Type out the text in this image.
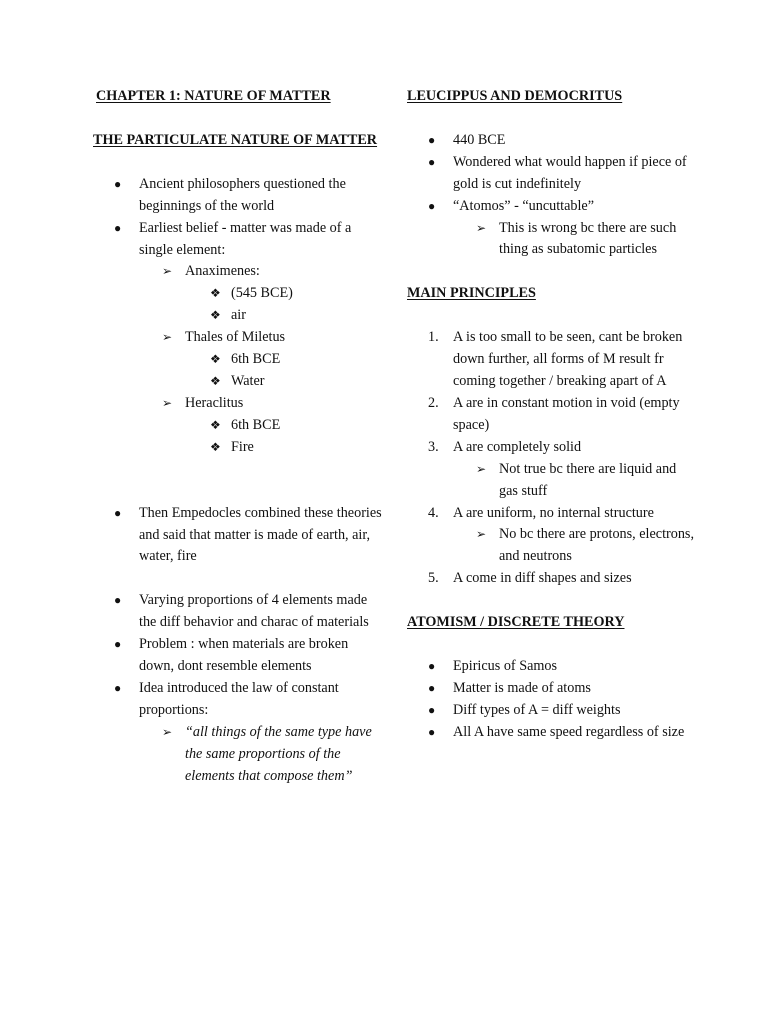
CHAPTER 1: NATURE OF MATTER
THE PARTICULATE NATURE OF MATTER
● Ancient philosophers questioned the beginnings of the world
● Earliest belief - matter was made of a single element:
➢ Anaximenes:
❖ (545 BCE)
❖ air
➢ Thales of Miletus
❖ 6th BCE
❖ Water
➢ Heraclitus
❖ 6th BCE
❖ Fire
● Then Empedocles combined these theories and said that matter is made of earth, air, water, fire
● Varying proportions of 4 elements made the diff behavior and charac of materials
● Problem : when materials are broken down, dont resemble elements
● Idea introduced the law of constant proportions:
➢ “all things of the same type have the same proportions of the elements that compose them”
LEUCIPPUS AND DEMOCRITUS
● 440 BCE
● Wondered what would happen if piece of gold is cut indefinitely
● “Atomos” - “uncuttable”
➢ This is wrong bc there are such thing as subatomic particles
MAIN PRINCIPLES
1. A is too small to be seen, cant be broken down further, all forms of M result fr coming together / breaking apart of A
2. A are in constant motion in void (empty space)
3. A are completely solid
➢ Not true bc there are liquid and gas stuff
4. A are uniform, no internal structure
➢ No bc there are protons, electrons, and neutrons
5. A come in diff shapes and sizes
ATOMISM / DISCRETE THEORY
● Epiricus of Samos
● Matter is made of atoms
● Diff types of A = diff weights
● All A have same speed regardless of size
